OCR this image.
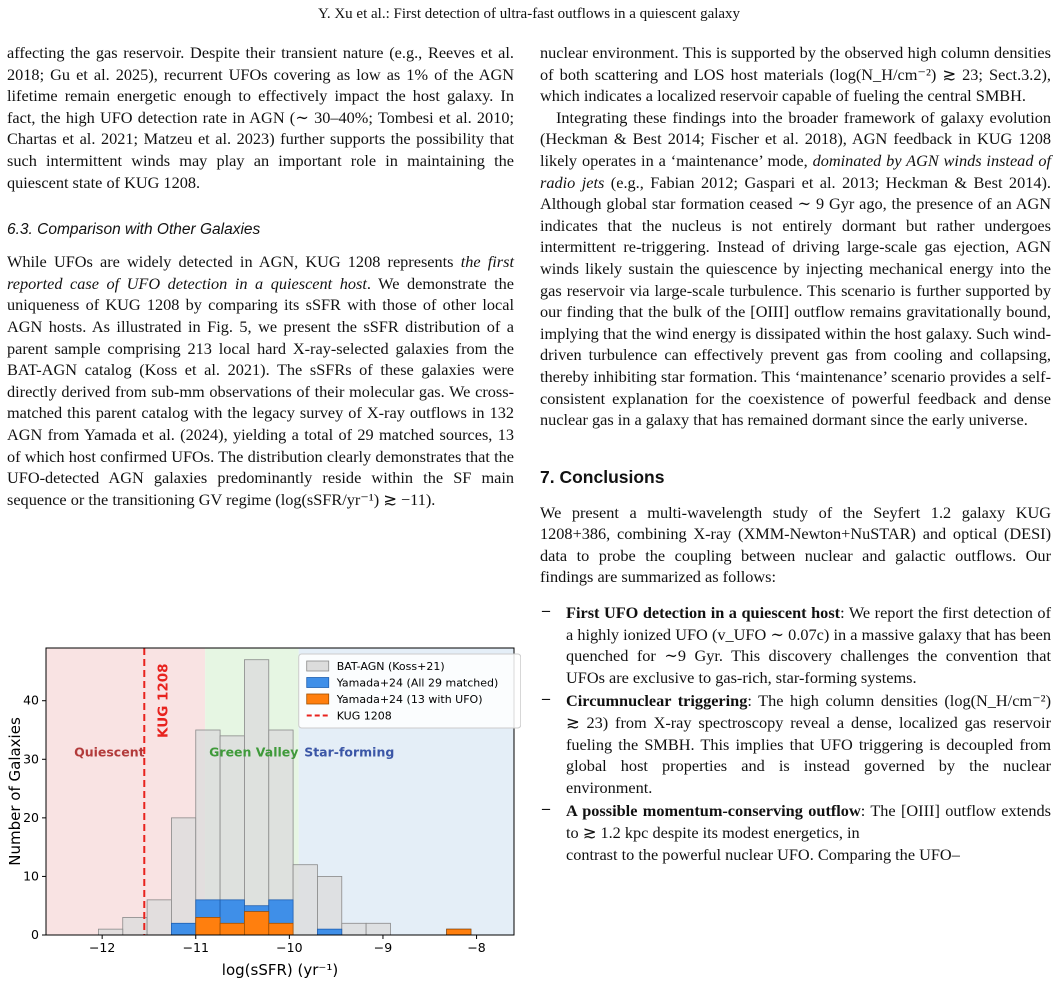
Y. Xu et al.: First detection of ultra-fast outflows in a quiescent galaxy

affecting the gas reservoir. Despite their transient nature (e.g., Reeves et al. 2018; Gu et al. 2025), recurrent UFOs covering as low as 1% of the AGN lifetime remain energetic enough to effectively impact the host galaxy. In fact, the high UFO detection rate in AGN (∼ 30–40%; Tombesi et al. 2010; Chartas et al. 2021; Matzeu et al. 2023) further supports the possibility that such intermittent winds may play an important role in maintaining the quiescent state of KUG 1208.

6.3. Comparison with Other Galaxies

While UFOs are widely detected in AGN, KUG 1208 represents the first reported case of UFO detection in a quiescent host. We demonstrate the uniqueness of KUG 1208 by comparing its sSFR with those of other local AGN hosts. As illustrated in Fig. 5, we present the sSFR distribution of a parent sample comprising 213 local hard X-ray-selected galaxies from the BAT-AGN catalog (Koss et al. 2021). The sSFRs of these galaxies were directly derived from sub-mm observations of their molecular gas. We cross-matched this parent catalog with the legacy survey of X-ray outflows in 132 AGN from Yamada et al. (2024), yielding a total of 29 matched sources, 13 of which host confirmed UFOs. The distribution clearly demonstrates that the UFO-detected AGN galaxies predominantly reside within the SF main sequence or the transitioning GV regime (log(sSFR/yr⁻¹) ≳ −11).

Quiescent	Green Valley Star-forming
KUG 1208
−12	−11	−10	−9	−8
0
10
20
30
40
log(sSFR) (yr⁻¹)
Number of Galaxies
BAT-AGN (Koss+21)
Yamada+24 (All 29 matched)
Yamada+24 (13 with UFO)
KUG 1208

nuclear environment. This is supported by the observed high column densities of both scattering and LOS host materials (log(N_H/cm⁻²) ≳ 23; Sect.3.2), which indicates a localized reservoir capable of fueling the central SMBH.

Integrating these findings into the broader framework of galaxy evolution (Heckman & Best 2014; Fischer et al. 2018), AGN feedback in KUG 1208 likely operates in a ‘maintenance’ mode, dominated by AGN winds instead of radio jets (e.g., Fabian 2012; Gaspari et al. 2013; Heckman & Best 2014). Although global star formation ceased ∼ 9 Gyr ago, the presence of an AGN indicates that the nucleus is not entirely dormant but rather undergoes intermittent re-triggering. Instead of driving large-scale gas ejection, AGN winds likely sustain the quiescence by injecting mechanical energy into the gas reservoir via large-scale turbulence. This scenario is further supported by our finding that the bulk of the [OIII] outflow remains gravitationally bound, implying that the wind energy is dissipated within the host galaxy. Such wind-driven turbulence can effectively prevent gas from cooling and collapsing, thereby inhibiting star formation. This ‘maintenance’ scenario provides a self-consistent explanation for the coexistence of powerful feedback and dense nuclear gas in a galaxy that has remained dormant since the early universe.

7. Conclusions

We present a multi-wavelength study of the Seyfert 1.2 galaxy KUG 1208+386, combining X-ray (XMM-Newton+NuSTAR) and optical (DESI) data to probe the coupling between nuclear and galactic outflows. Our findings are summarized as follows:

– First UFO detection in a quiescent host: We report the first detection of a highly ionized UFO (v_UFO ∼ 0.07c) in a massive galaxy that has been quenched for ∼9 Gyr. This discovery challenges the convention that UFOs are exclusive to gas-rich, star-forming systems.

– Circumnuclear triggering: The high column densities (log(N_H/cm⁻²) ≳ 23) from X-ray spectroscopy reveal a dense, localized gas reservoir fueling the SMBH. This implies that UFO triggering is decoupled from global host properties and is instead governed by the nuclear environment.

– A possible momentum-conserving outflow: The [OIII] outflow extends to ≳ 1.2 kpc despite its modest energetics, in
contrast to the powerful nuclear UFO. Comparing the UFO–
